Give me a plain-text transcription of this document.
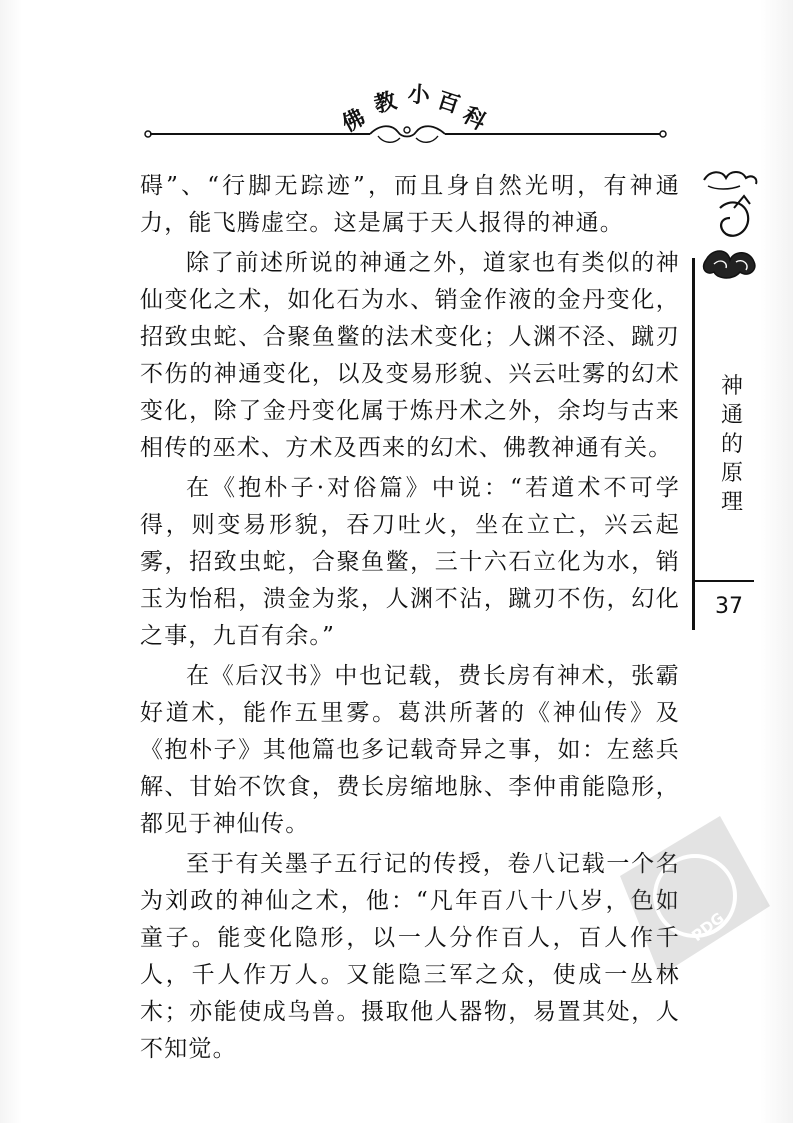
佛
教 小 百
科

碍”、“行脚无踪迹”，而且身自然光明，有神通力，能飞腾虚空。这是属于天人报得的神通。

除了前述所说的神通之外，道家也有类似的神仙变化之术，如化石为水、销金作液的金丹变化，招致虫蛇、合聚鱼鳖的法术变化；人渊不泾、蹴刃不伤的神通变化，以及变易形貌、兴云吐雾的幻术变化，除了金丹变化属于炼丹术之外，余均与古来相传的巫术、方术及西来的幻术、佛教神通有关。

在《抱朴子·对俗篇》中说：“若道术不可学得，则变易形貌，吞刀吐火，坐在立亡，兴云起雾，招致虫蛇，合聚鱼鳖，三十六石立化为水，销玉为怡稆，溃金为浆，人渊不沾，蹴刃不伤，幻化之事，九百有余。”

在《后汉书》中也记载，费长房有神术，张霸好道术，能作五里雾。葛洪所著的《神仙传》及《抱朴子》其他篇也多记载奇异之事，如：左慈兵解、甘始不饮食，费长房缩地脉、李仲甫能隐形，都见于神仙传。

至于有关墨子五行记的传授，卷八记载一个名为刘政的神仙之术，他：“凡年百八十八岁，色如童子。能变化隐形，以一人分作百人，百人作千人，千人作万人。又能隐三军之众，使成一丛林木；亦能使成鸟兽。摄取他人器物，易置其处，人不知觉。

神
通
的
原
理
37
PDG
